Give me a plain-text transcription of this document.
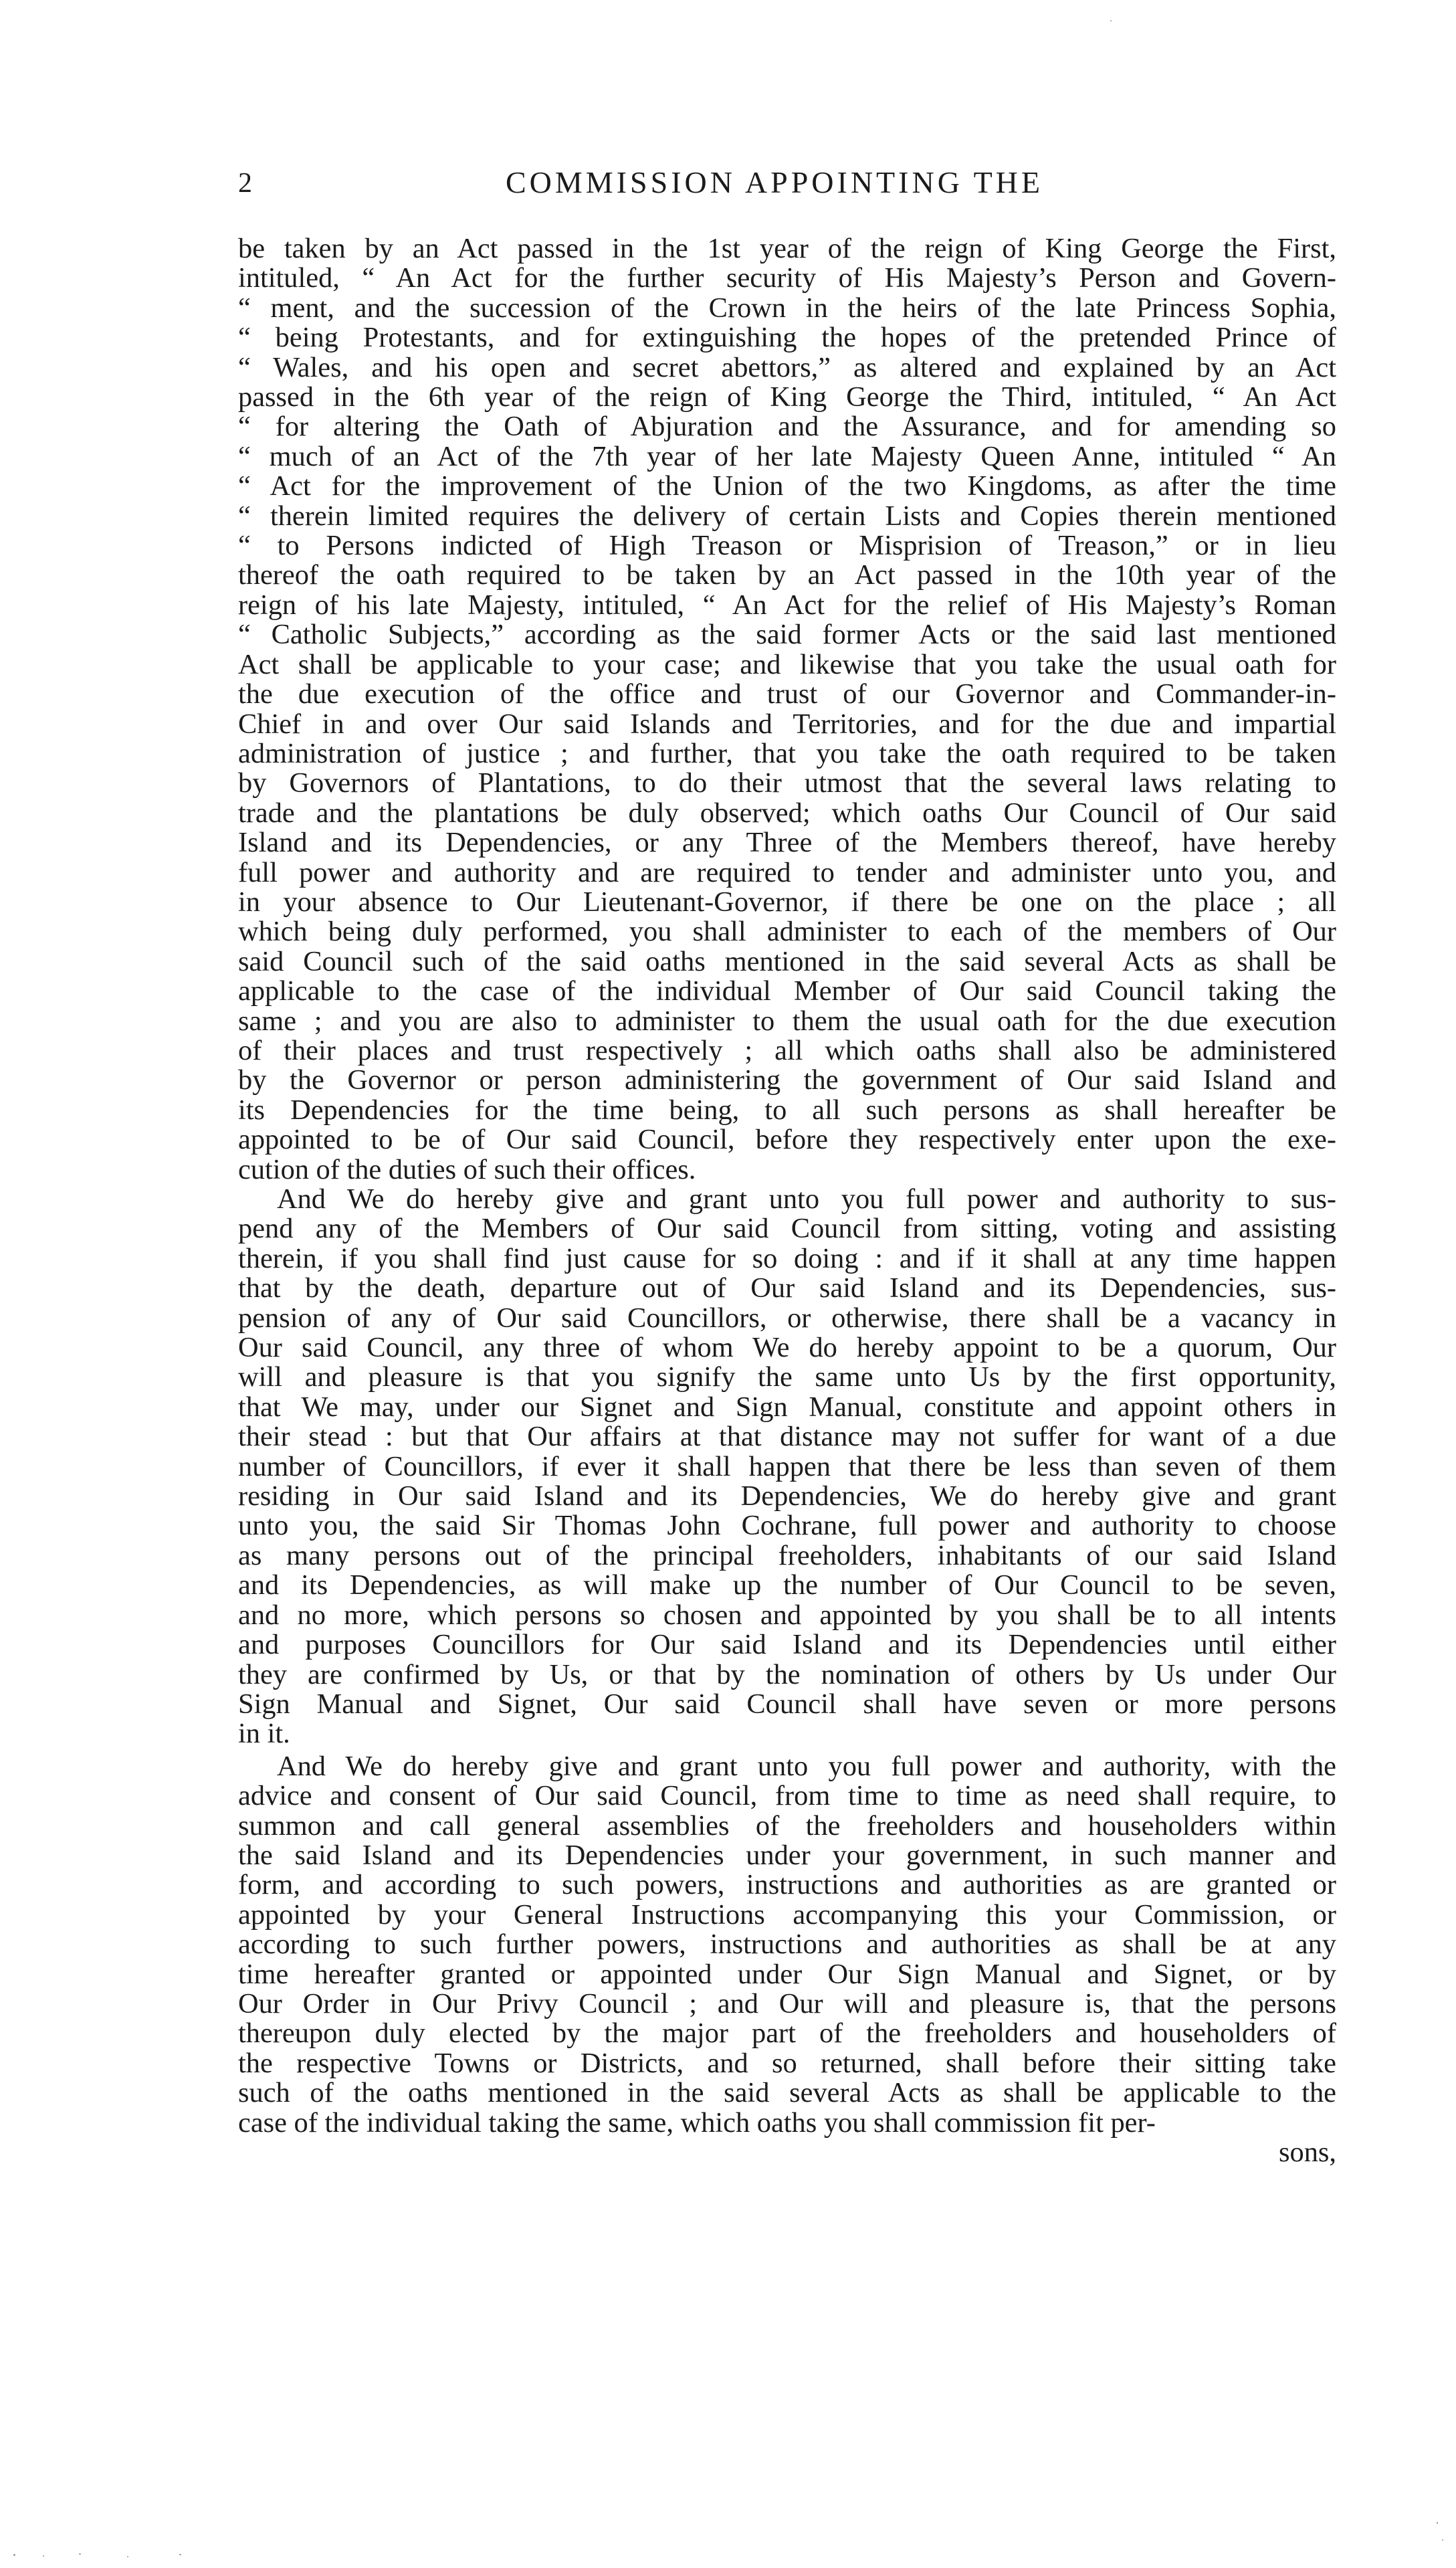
2	COMMISSION APPOINTING THE
be taken by an Act passed in the 1st year of the reign of King George the First,
intituled, “ An Act for the further security of His Majesty’s Person and Govern-
“ ment, and the succession of the Crown in the heirs of the late Princess Sophia,
“ being Protestants, and for extinguishing the hopes of the pretended Prince of
“ Wales, and his open and secret abettors,” as altered and explained by an Act
passed in the 6th year of the reign of King George the Third, intituled, “ An Act
“ for altering the Oath of Abjuration and the Assurance, and for amending so
“ much of an Act of the 7th year of her late Majesty Queen Anne, intituled “ An
“ Act for the improvement of the Union of the two Kingdoms, as after the time
“ therein limited requires the delivery of certain Lists and Copies therein mentioned
“ to Persons indicted of High Treason or Misprision of Treason,” or in lieu
thereof the oath required to be taken by an Act passed in the 10th year of the
reign of his late Majesty, intituled, “ An Act for the relief of His Majesty’s Roman
“ Catholic Subjects,” according as the said former Acts or the said last mentioned
Act shall be applicable to your case; and likewise that you take the usual oath for
the due execution of the office and trust of our Governor and Commander-in-
Chief in and over Our said Islands and Territories, and for the due and impartial
administration of justice ; and further, that you take the oath required to be taken
by Governors of Plantations, to do their utmost that the several laws relating to
trade and the plantations be duly observed; which oaths Our Council of Our said
Island and its Dependencies, or any Three of the Members thereof, have hereby
full power and authority and are required to tender and administer unto you, and
in your absence to Our Lieutenant-Governor, if there be one on the place ; all
which being duly performed, you shall administer to each of the members of Our
said Council such of the said oaths mentioned in the said several Acts as shall be
applicable to the case of the individual Member of Our said Council taking the
same ; and you are also to administer to them the usual oath for the due execution
of their places and trust respectively ; all which oaths shall also be administered
by the Governor or person administering the government of Our said Island and
its Dependencies for the time being, to all such persons as shall hereafter be
appointed to be of Our said Council, before they respectively enter upon the exe-
cution of the duties of such their offices.
And We do hereby give and grant unto you full power and authority to sus-
pend any of the Members of Our said Council from sitting, voting and assisting
therein, if you shall find just cause for so doing : and if it shall at any time happen
that by the death, departure out of Our said Island and its Dependencies, sus-
pension of any of Our said Councillors, or otherwise, there shall be a vacancy in
Our said Council, any three of whom We do hereby appoint to be a quorum, Our
will and pleasure is that you signify the same unto Us by the first opportunity,
that We may, under our Signet and Sign Manual, constitute and appoint others in
their stead : but that Our affairs at that distance may not suffer for want of a due
number of Councillors, if ever it shall happen that there be less than seven of them
residing in Our said Island and its Dependencies, We do hereby give and grant
unto you, the said Sir Thomas John Cochrane, full power and authority to choose
as many persons out of the principal freeholders, inhabitants of our said Island
and its Dependencies, as will make up the number of Our Council to be seven,
and no more, which persons so chosen and appointed by you shall be to all intents
and purposes Councillors for Our said Island and its Dependencies until either
they are confirmed by Us, or that by the nomination of others by Us under Our
Sign Manual and Signet, Our said Council shall have seven or more persons
in it.
And We do hereby give and grant unto you full power and authority, with the
advice and consent of Our said Council, from time to time as need shall require, to
summon and call general assemblies of the freeholders and householders within
the said Island and its Dependencies under your government, in such manner and
form, and according to such powers, instructions and authorities as are granted or
appointed by your General Instructions accompanying this your Commission, or
according to such further powers, instructions and authorities as shall be at any
time hereafter granted or appointed under Our Sign Manual and Signet, or by
Our Order in Our Privy Council ; and Our will and pleasure is, that the persons
thereupon duly elected by the major part of the freeholders and householders of
the respective Towns or Districts, and so returned, shall before their sitting take
such of the oaths mentioned in the said several Acts as shall be applicable to the
case of the individual taking the same, which oaths you shall commission fit per-
sons,
